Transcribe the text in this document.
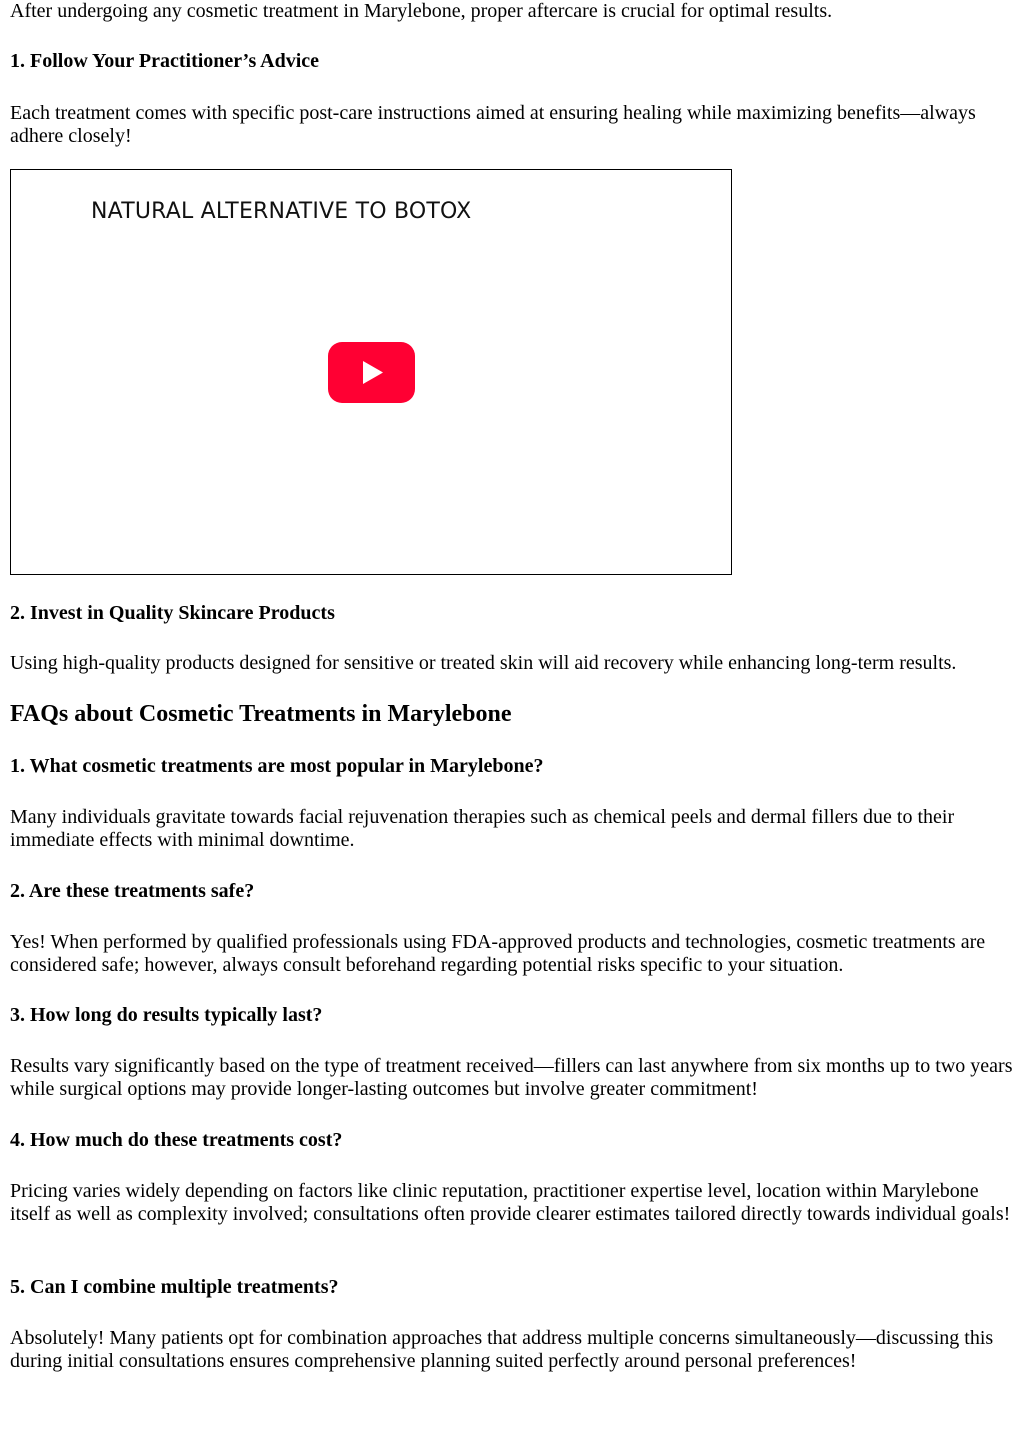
After undergoing any cosmetic treatment in Marylebone, proper aftercare is crucial for optimal results.

1. Follow Your Practitioner’s Advice

Each treatment comes with specific post-care instructions aimed at ensuring healing while maximizing benefits—always adhere closely!

NATURAL ALTERNATIVE TO BOTOX
2. Invest in Quality Skincare Products

Using high-quality products designed for sensitive or treated skin will aid recovery while enhancing long-term results.

FAQs about Cosmetic Treatments in Marylebone
1. What cosmetic treatments are most popular in Marylebone?

Many individuals gravitate towards facial rejuvenation therapies such as chemical peels and dermal fillers due to their immediate effects with minimal downtime.

2. Are these treatments safe?

Yes! When performed by qualified professionals using FDA-approved products and technologies, cosmetic treatments are considered safe; however, always consult beforehand regarding potential risks specific to your situation.

3. How long do results typically last?

Results vary significantly based on the type of treatment received—fillers can last anywhere from six months up to two years while surgical options may provide longer-lasting outcomes but involve greater commitment!

4. How much do these treatments cost?

Pricing varies widely depending on factors like clinic reputation, practitioner expertise level, location within Marylebone itself as well as complexity involved; consultations often provide clearer estimates tailored directly towards individual goals!

5. Can I combine multiple treatments?

Absolutely! Many patients opt for combination approaches that address multiple concerns simultaneously—discussing this during initial consultations ensures comprehensive planning suited perfectly around personal preferences!
